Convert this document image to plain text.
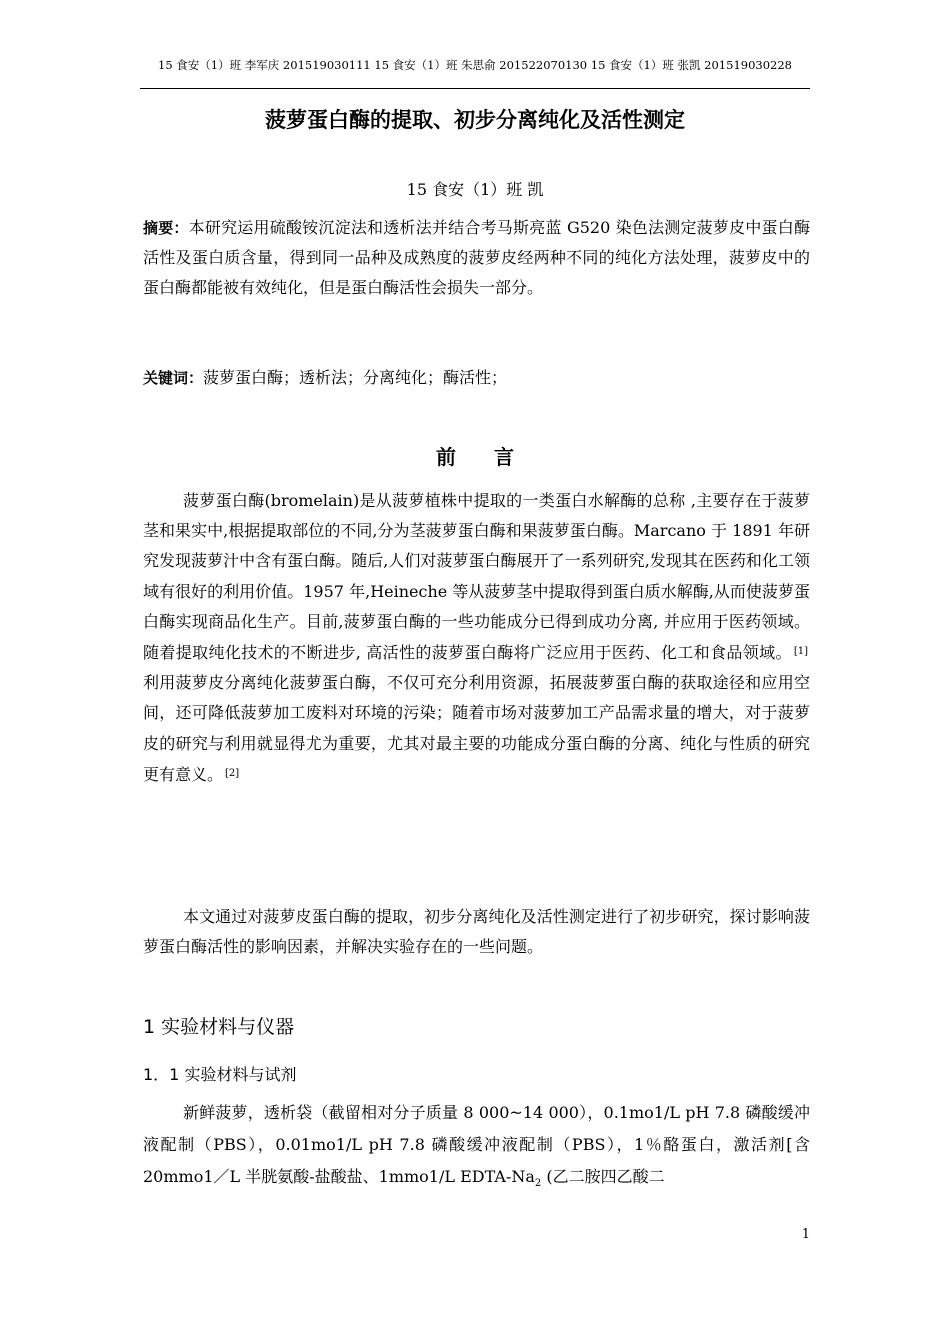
15 食安（1）班 李军庆 201519030111 15 食安（1）班 朱思俞 201522070130 15 食安（1）班 张凯 201519030228
菠萝蛋白酶的提取、初步分离纯化及活性测定
15 食安（1）班 凯
摘要：本研究运用硫酸铵沉淀法和透析法并结合考马斯亮蓝 G520 染色法测定菠萝皮中蛋白酶活性及蛋白质含量，得到同一品种及成熟度的菠萝皮经两种不同的纯化方法处理，菠萝皮中的蛋白酶都能被有效纯化，但是蛋白酶活性会损失一部分。
关键词：菠萝蛋白酶；透析法；分离纯化；酶活性；
前言
菠萝蛋白酶(bromelain)是从菠萝植株中提取的一类蛋白水解酶的总称 ,主要存在于菠萝茎和果实中,根据提取部位的不同,分为茎菠萝蛋白酶和果菠萝蛋白酶。Marcano 于 1891 年研究发现菠萝汁中含有蛋白酶。随后,人们对菠萝蛋白酶展开了一系列研究,发现其在医药和化工领域有很好的利用价值。1957 年,Heineche 等从菠萝茎中提取得到蛋白质水解酶,从而使菠萝蛋白酶实现商品化生产。目前,菠萝蛋白酶的一些功能成分已得到成功分离, 并应用于医药领域。随着提取纯化技术的不断进步, 高活性的菠萝蛋白酶将广泛应用于医药、化工和食品领域。 [1]利用菠萝皮分离纯化菠萝蛋白酶，不仅可充分利用资源，拓展菠萝蛋白酶的获取途径和应用空间，还可降低菠萝加工废料对环境的污染；随着市场对菠萝加工产品需求量的增大，对于菠萝皮的研究与利用就显得尤为重要，尤其对最主要的功能成分蛋白酶的分离、纯化与性质的研究更有意义。 [2]
本文通过对菠萝皮蛋白酶的提取，初步分离纯化及活性测定进行了初步研究，探讨影响菠萝蛋白酶活性的影响因素，并解决实验存在的一些问题。
1 实验材料与仪器
1．1 实验材料与试剂
新鲜菠萝，透析袋（截留相对分子质量 8 000~14 000），0.1mo1/L pH 7.8 磷酸缓冲液配制（PBS），0.01mo1/L pH 7.8 磷酸缓冲液配制（PBS），1％酪蛋白，激活剂[含 20mmo1／L 半胱氨酸-盐酸盐、1mmo1/L EDTA-$Na_2$ (乙二胺四乙酸二
1
